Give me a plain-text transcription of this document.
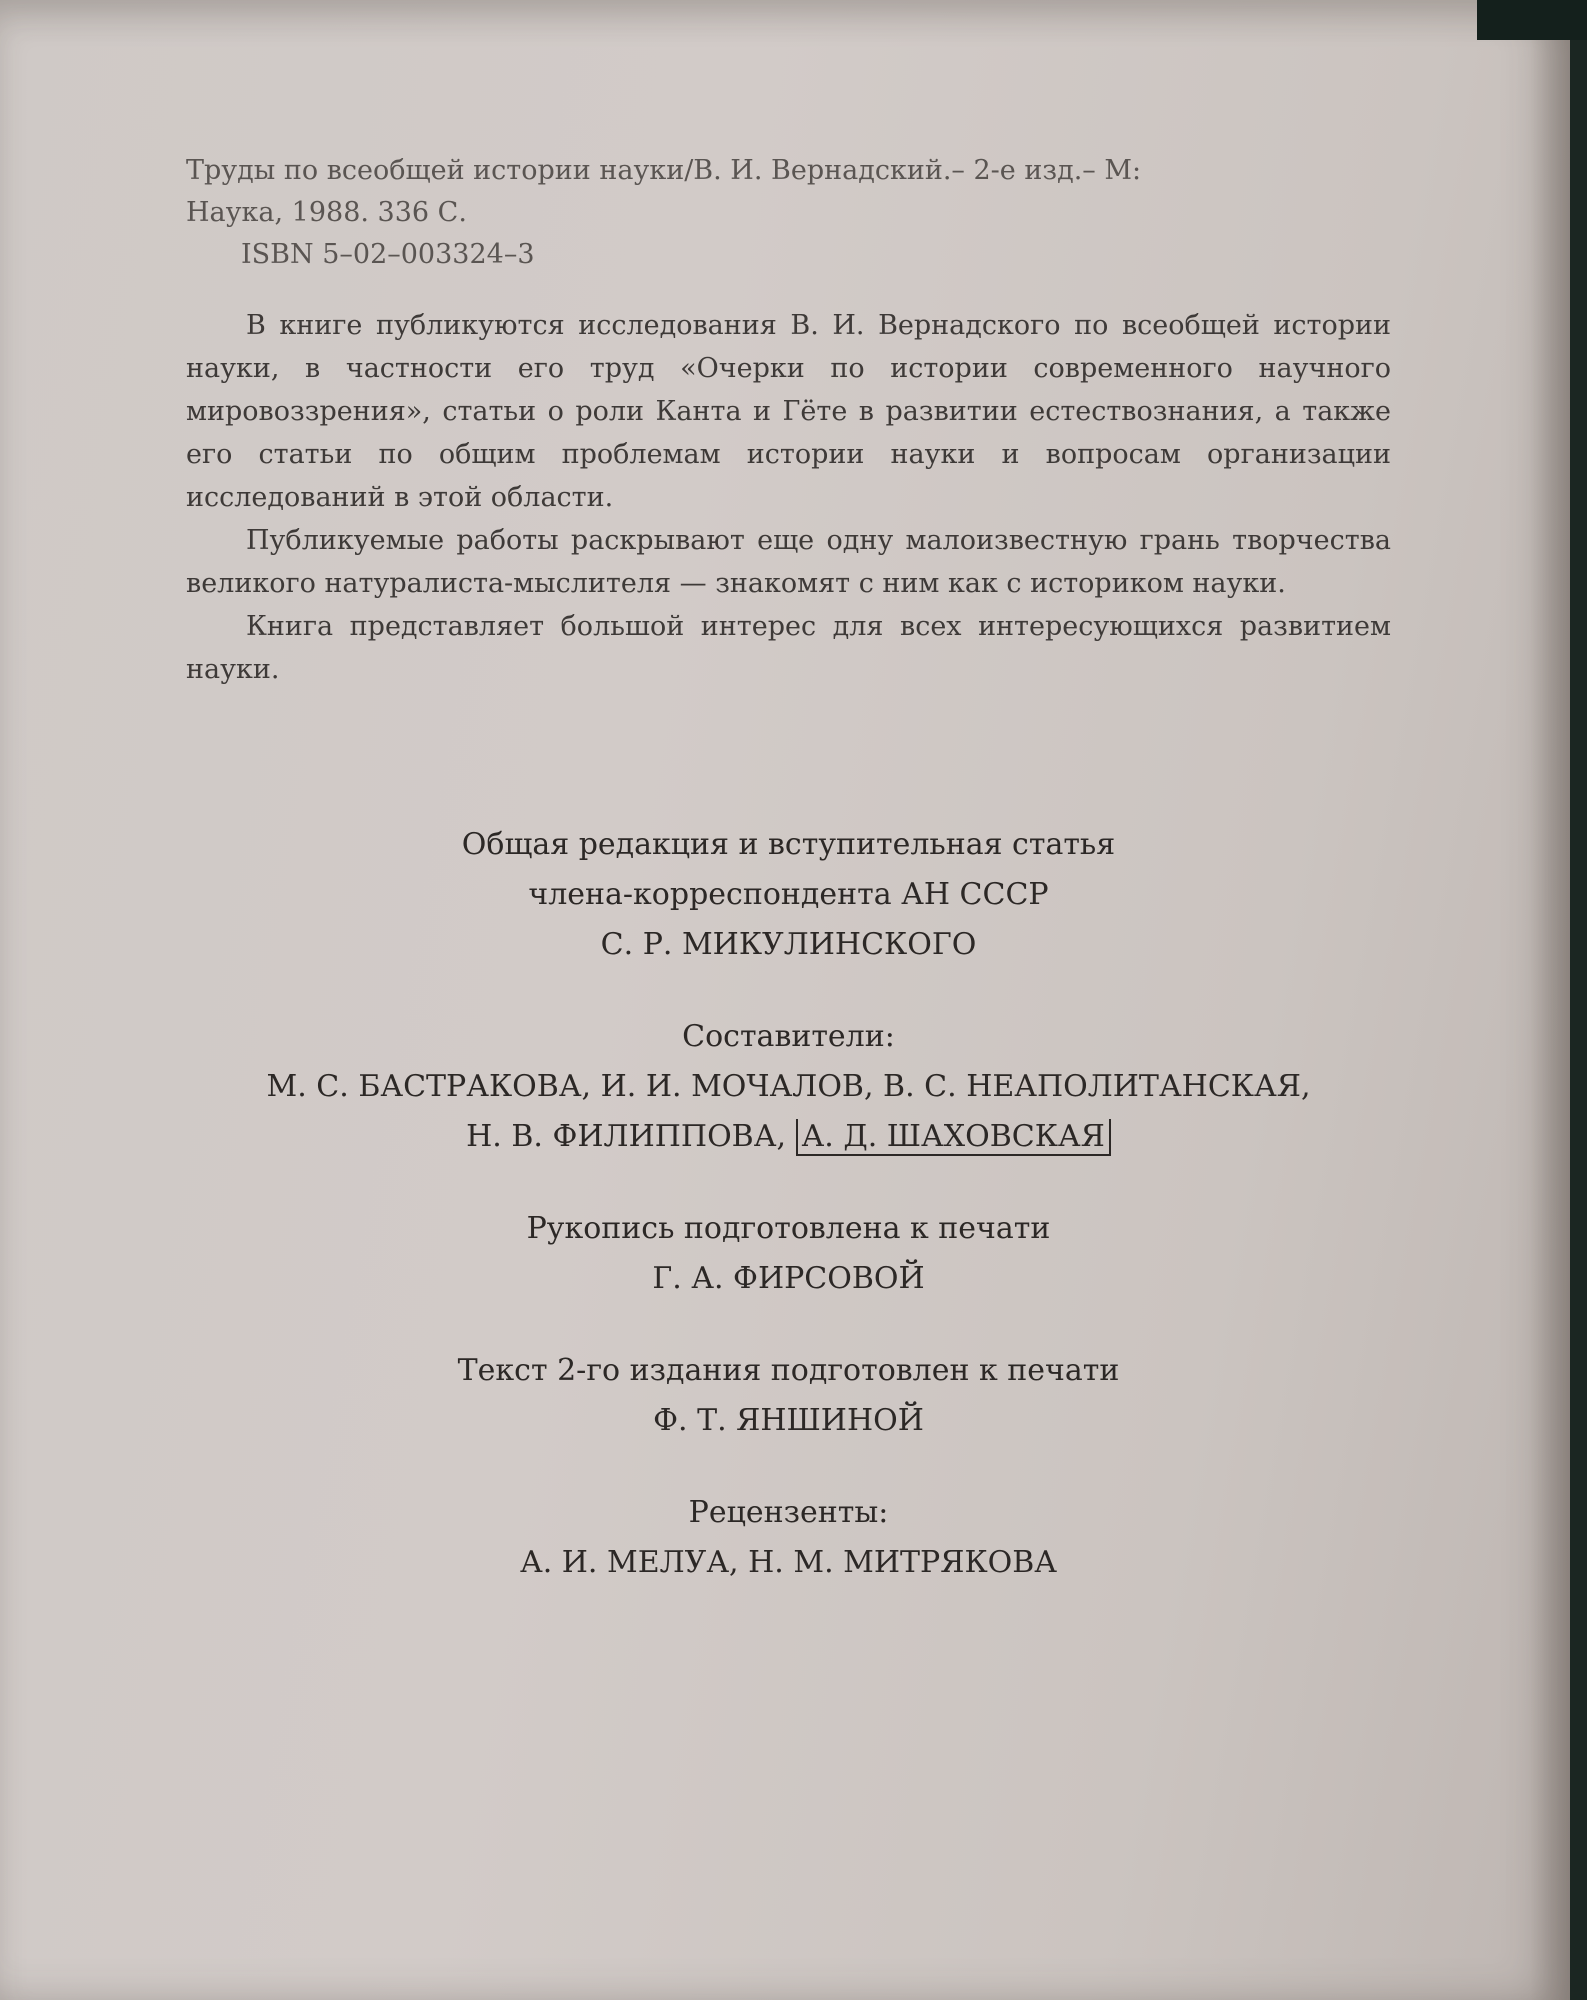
Труды по всеобщей истории науки/В. И. Вернадский.– 2-е изд.– М:

Наука, 1988. 336 С.

ISBN 5–02–003324–3

В книге публикуются исследования В. И. Вернадского по всеобщей истории науки, в частности его труд «Очерки по истории современного научного мировоззрения», статьи о роли Канта и Гёте в развитии естествознания, а также его статьи по общим проблемам истории науки и вопросам организации исследований в этой области.

Публикуемые работы раскрывают еще одну малоизвестную грань творчества великого натуралиста-мыслителя — знакомят с ним как с историком науки.

Книга представляет большой интерес для всех интересующихся развитием науки.

Общая редакция и вступительная статья
члена-корреспондента АН СССР
С. Р. МИКУЛИНСКОГО
Составители:
М. С. БАСТРАКОВА, И. И. МОЧАЛОВ, В. С. НЕАПОЛИТАНСКАЯ,
Н. В. ФИЛИППОВА, А. Д. ШАХОВСКАЯ
Рукопись подготовлена к печати
Г. А. ФИРСОВОЙ
Текст 2-го издания подготовлен к печати
Ф. Т. ЯНШИНОЙ
Рецензенты:
А. И. МЕЛУА, Н. М. МИТРЯКОВА
